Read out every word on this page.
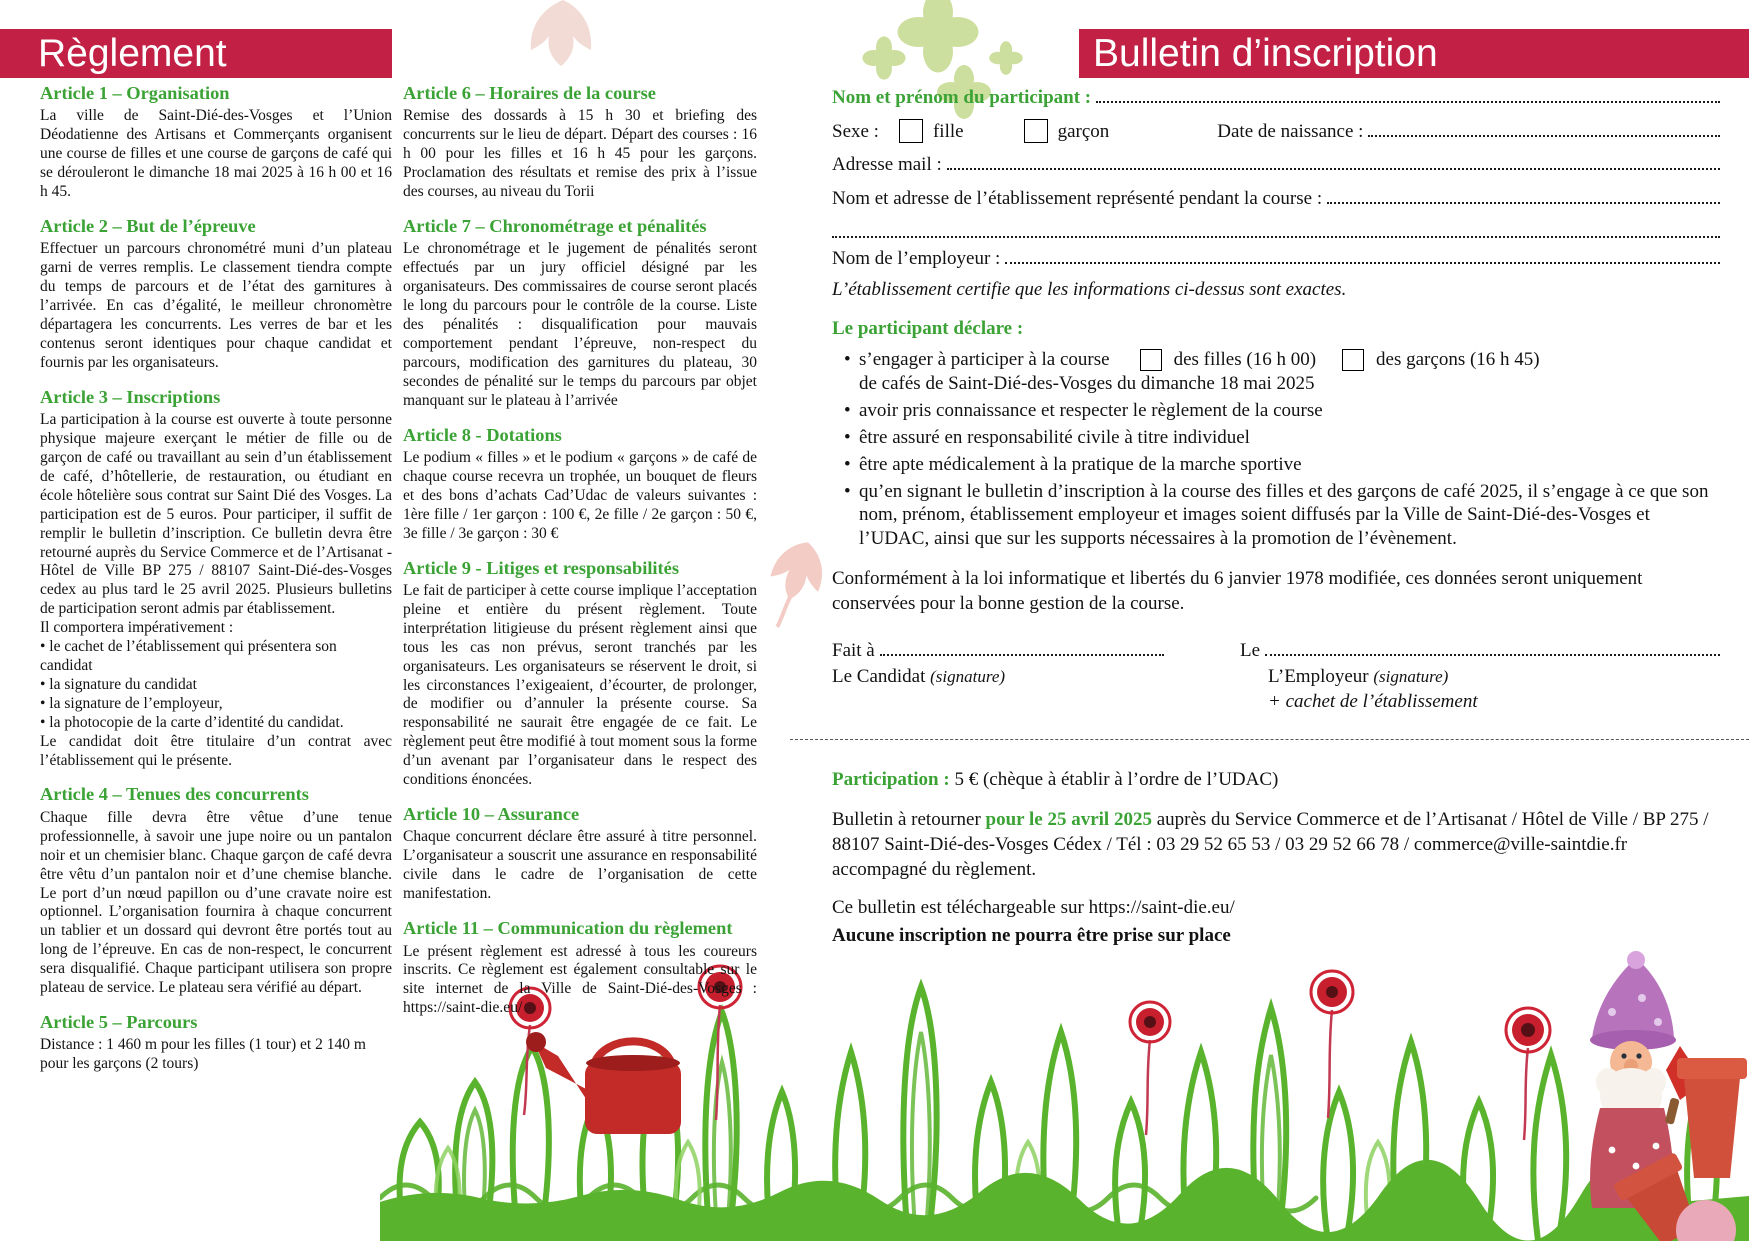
Règlement	Bulletin d’inscription
Article 1 – Organisation

La ville de Saint-Dié-des-Vosges et l’Union Déodatienne des Artisans et Commerçants organisent une course de filles et une course de garçons de café qui se dérouleront le dimanche 18 mai 2025 à 16 h 00 et 16 h 45.

Article 2 – But de l’épreuve

Effectuer un parcours chronométré muni d’un plateau garni de verres remplis. Le classement tiendra compte du temps de parcours et de l’état des garnitures à l’arrivée. En cas d’égalité, le meilleur chronomètre départagera les concurrents. Les verres de bar et les contenus seront identiques pour chaque candidat et fournis par les organisateurs.

Article 3 – Inscriptions

La participation à la course est ouverte à toute personne physique majeure exerçant le métier de fille ou de garçon de café ou travaillant au sein d’un établissement de café, d’hôtellerie, de restauration, ou étudiant en école hôtelière sous contrat sur Saint Dié des Vosges. La participation est de 5 euros. Pour participer, il suffit de remplir le bulletin d’inscription. Ce bulletin devra être retourné auprès du Service Commerce et de l’Artisanat - Hôtel de Ville BP 275 / 88107 Saint-Dié-des-Vosges cedex au plus tard le 25 avril 2025. Plusieurs bulletins de participation seront admis par établissement.

Il comportera impérativement :

• le cachet de l’établissement qui présentera son candidat

• la signature du candidat

• la signature de l’employeur,

• la photocopie de la carte d’identité du candidat.

Le candidat doit être titulaire d’un contrat avec l’établissement qui le présente.

Article 4 – Tenues des concurrents

Chaque fille devra être vêtue d’une tenue professionnelle, à savoir une jupe noire ou un pantalon noir et un chemisier blanc. Chaque garçon de café devra être vêtu d’un pantalon noir et d’une chemise blanche. Le port d’un nœud papillon ou d’une cravate noire est optionnel. L’organisation fournira à chaque concurrent un tablier et un dossard qui devront être portés tout au long de l’épreuve. En cas de non-respect, le concurrent sera disqualifié. Chaque participant utilisera son propre plateau de service. Le plateau sera vérifié au départ.

Article 5 – Parcours

Distance : 1 460 m pour les filles (1 tour) et 2 140 m pour les garçons (2 tours)

Article 6 – Horaires de la course

Remise des dossards à 15 h 30 et briefing des concurrents sur le lieu de départ. Départ des courses : 16 h 00 pour les filles et 16 h 45 pour les garçons. Proclamation des résultats et remise des prix à l’issue des courses, au niveau du Torii

Article 7 – Chronométrage et pénalités

Le chronométrage et le jugement de pénalités seront effectués par un jury officiel désigné par les organisateurs. Des commissaires de course seront placés le long du parcours pour le contrôle de la course. Liste des pénalités : disqualification pour mauvais comportement pendant l’épreuve, non-respect du parcours, modification des garnitures du plateau, 30 secondes de pénalité sur le temps du parcours par objet manquant sur le plateau à l’arrivée

Article 8 - Dotations

Le podium « filles » et le podium « garçons » de café de chaque course recevra un trophée, un bouquet de fleurs et des bons d’achats Cad’Udac de valeurs suivantes : 1ère fille / 1er garçon : 100 €, 2e fille / 2e garçon : 50 €, 3e fille / 3e garçon : 30 €

Article 9 - Litiges et responsabilités

Le fait de participer à cette course implique l’acceptation pleine et entière du présent règlement. Toute interprétation litigieuse du présent règlement ainsi que tous les cas non prévus, seront tranchés par les organisateurs. Les organisateurs se réservent le droit, si les circonstances l’exigeaient, d’écourter, de prolonger, de modifier ou d’annuler la présente course. Sa responsabilité ne saurait être engagée de ce fait. Le règlement peut être modifié à tout moment sous la forme d’un avenant par l’organisateur dans le respect des conditions énoncées.

Article 10 – Assurance

Chaque concurrent déclare être assuré à titre personnel. L’organisateur a souscrit une assurance en responsabilité civile dans le cadre de l’organisation de cette manifestation.

Article 11 – Communication du règlement

Le présent règlement est adressé à tous les coureurs inscrits. Ce règlement est également consultable sur le site internet de la Ville de Saint-Dié-des-Vosges : https://saint-die.eu/

Nom et prénom du participant :
Sexe :	fille	garçon	Date de naissance :
Adresse mail :
Nom et adresse de l’établissement représenté pendant la course :
Nom de l’employeur :

L’établissement certifie que les informations ci-dessus sont exactes.

Le participant déclare :

• s’engager à participer à la course	des filles (16 h 00)	des garçons (16 h 45)
de cafés de Saint-Dié-des-Vosges du dimanche 18 mai 2025
• avoir pris connaissance et respecter le règlement de la course
• être assuré en responsabilité civile à titre individuel
• être apte médicalement à la pratique de la marche sportive
• qu’en signant le bulletin d’inscription à la course des filles et des garçons de café 2025, il s’engage à ce que son nom, prénom, établissement employeur et images soient diffusés par la Ville de Saint-Dié-des-Vosges et l’UDAC, ainsi que sur les supports nécessaires à la promotion de l’évènement.

Conformément à la loi informatique et libertés du 6 janvier 1978 modifiée, ces données seront uniquement conservées pour la bonne gestion de la course.

Fait à	Le
Le Candidat (signature)	L’Employeur (signature)
+ cachet de l’établissement

Participation : 5 € (chèque à établir à l’ordre de l’UDAC)

Bulletin à retourner pour le 25 avril 2025 auprès du Service Commerce et de l’Artisanat / Hôtel de Ville / BP 275 / 88107 Saint-Dié-des-Vosges Cédex / Tél : 03 29 52 65 53 / 03 29 52 66 78 / commerce@ville-saintdie.fr accompagné du règlement.

Ce bulletin est téléchargeable sur https://saint-die.eu/

Aucune inscription ne pourra être prise sur place
